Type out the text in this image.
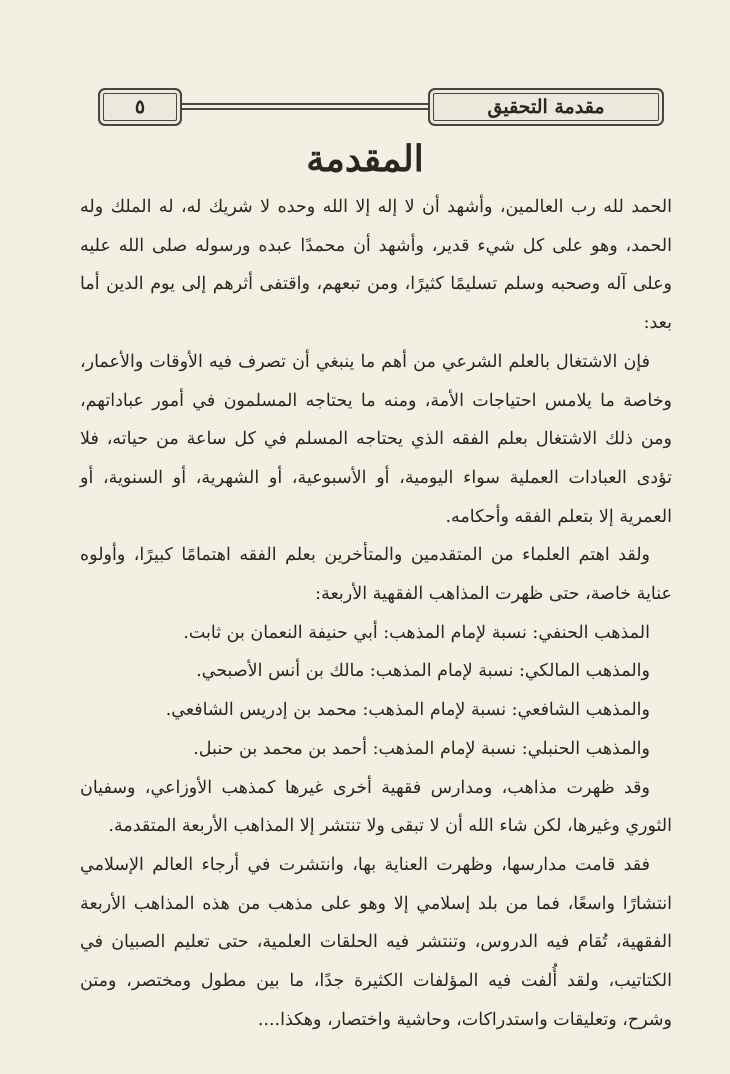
مقدمة التحقيق
٥
المقدمة

الحمد لله رب العالمين، وأشهد أن لا إله إلا الله وحده لا شريك له، له الملك وله الحمد، وهو على كل شيء قدير، وأشهد أن محمدًا عبده ورسوله صلى الله عليه وعلى آله وصحبه وسلم تسليمًا كثيرًا، ومن تبعهم، واقتفى أثرهم إلى يوم الدين أما بعد:

فإن الاشتغال بالعلم الشرعي من أهم ما ينبغي أن تصرف فيه الأوقات والأعمار، وخاصة ما يلامس احتياجات الأمة، ومنه ما يحتاجه المسلمون في أمور عباداتهم، ومن ذلك الاشتغال بعلم الفقه الذي يحتاجه المسلم في كل ساعة من حياته، فلا تؤدى العبادات العملية سواء اليومية، أو الأسبوعية، أو الشهرية، أو السنوية، أو العمرية إلا بتعلم الفقه وأحكامه.

ولقد اهتم العلماء من المتقدمين والمتأخرين بعلم الفقه اهتمامًا كبيرًا، وأولوه عناية خاصة، حتى ظهرت المذاهب الفقهية الأربعة:

المذهب الحنفي: نسبة لإمام المذهب: أبي حنيفة النعمان بن ثابت.

والمذهب المالكي: نسبة لإمام المذهب: مالك بن أنس الأصبحي.

والمذهب الشافعي: نسبة لإمام المذهب: محمد بن إدريس الشافعي.

والمذهب الحنبلي: نسبة لإمام المذهب: أحمد بن محمد بن حنبل.

وقد ظهرت مذاهب، ومدارس فقهية أخرى غيرها كمذهب الأوزاعي، وسفيان الثوري وغيرها، لكن شاء الله أن لا تبقى ولا تنتشر إلا المذاهب الأربعة المتقدمة.

فقد قامت مدارسها، وظهرت العناية بها، وانتشرت في أرجاء العالم الإسلامي انتشارًا واسعًا، فما من بلد إسلامي إلا وهو على مذهب من هذه المذاهب الأربعة الفقهية، تُقام فيه الدروس، وتنتشر فيه الحلقات العلمية، حتى تعليم الصبيان في الكتاتيب، ولقد أُلفت فيه المؤلفات الكثيرة جدًا، ما بين مطول ومختصر، ومتن وشرح، وتعليقات واستدراكات، وحاشية واختصار، وهكذا....
